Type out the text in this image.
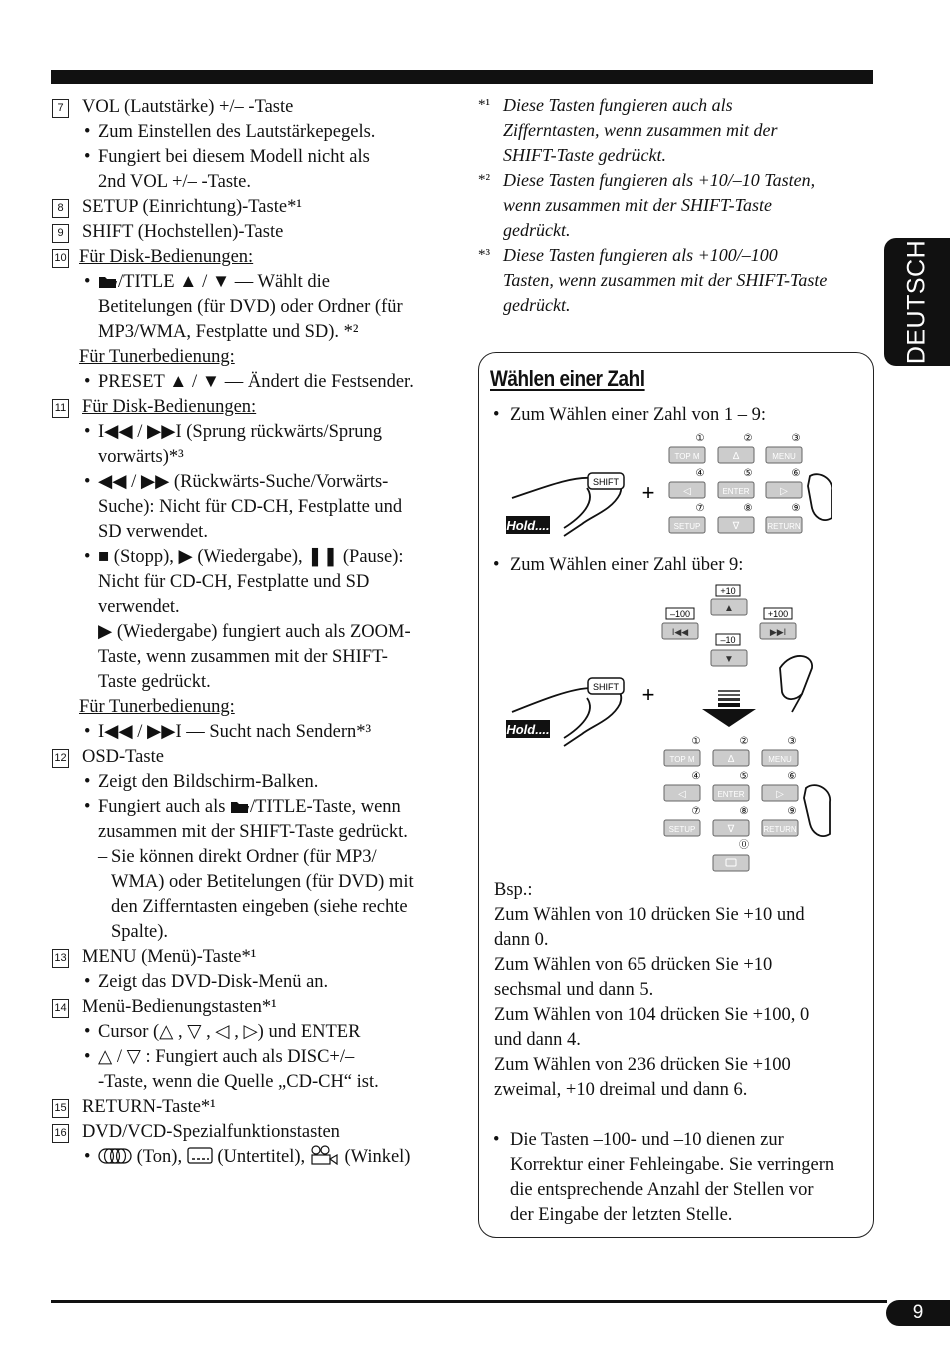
DEUTSCH
7 VOL (Lautstärke) +/– -Taste
• Zum Einstellen des Lautstärkepegels.
• Fungiert bei diesem Modell nicht als
2nd VOL +/– -Taste.
8 SETUP (Einrichtung)-Taste*¹
9 SHIFT (Hochstellen)-Taste
10 Für Disk-Bedienungen:
•	/TITLE ▲ / ▼ — Wählt die
Betitelungen (für DVD) oder Ordner (für
MP3/WMA, Festplatte und SD). *²
Für Tunerbedienung:
• PRESET ▲ / ▼ — Ändert die Festsender.
11 Für Disk-Bedienungen:
• I◀◀ / ▶▶I (Sprung rückwärts/Sprung
vorwärts)*³
• ◀◀ / ▶▶ (Rückwärts-Suche/Vorwärts-
Suche): Nicht für CD-CH, Festplatte und
SD verwendet.
• ■ (Stopp), ▶ (Wiedergabe), ❚❚ (Pause):
Nicht für CD-CH, Festplatte und SD
verwendet.
▶ (Wiedergabe) fungiert auch als ZOOM-
Taste, wenn zusammen mit der SHIFT-
Taste gedrückt.
Für Tunerbedienung:
• I◀◀ / ▶▶I — Sucht nach Sendern*³
12 OSD-Taste
• Zeigt den Bildschirm-Balken.
• Fungiert auch als /TITLE-Taste, wenn
zusammen mit der SHIFT-Taste gedrückt.
– Sie können direkt Ordner (für MP3/
WMA) oder Betitelungen (für DVD) mit
den Zifferntasten eingeben (siehe rechte
Spalte).
13 MENU (Menü)-Taste*¹
• Zeigt das DVD-Disk-Menü an.
14 Menü-Bedienungstasten*¹
• Cursor (△ , ▽ , ◁ , ▷) und ENTER
• △ / ▽ : Fungiert auch als DISC+/–
-Taste, wenn die Quelle „CD-CH“ ist.
15 RETURN-Taste*¹
16 DVD/VCD-Spezialfunktionstasten
•	(Ton), (Untertitel), (Winkel)
*¹ Diese Tasten fungieren auch als
Zifferntasten, wenn zusammen mit der
SHIFT-Taste gedrückt.
*² Diese Tasten fungieren als +10/–10 Tasten,
wenn zusammen mit der SHIFT-Taste
gedrückt.
*³ Diese Tasten fungieren als +100/–100
Tasten, wenn zusammen mit der SHIFT-Taste
gedrückt.
Wählen einer Zahl
• Zum Wählen einer Zahl von 1 – 9:
SHIFT
Hold....
+
①	②	③
TOP M	∆	MENU
④	⑤	⑥
◁	ENTER	▷
⑦	⑧	⑨
SETUP	∇	RETURN
• Zum Wählen einer Zahl über 9:
+10
▲
–100
I◀◀
+100
▶▶I
–10
▼
SHIFT
Hold....
+
①	②	③
TOP M	∆	MENU
④	⑤	⑥
◁	ENTER	▷
⑦	⑧	⑨
SETUP	∇	RETURN
⓪
Bsp.:
Zum Wählen von 10 drücken Sie +10 und
dann 0.
Zum Wählen von 65 drücken Sie +10
sechsmal und dann 5.
Zum Wählen von 104 drücken Sie +100, 0
und dann 4.
Zum Wählen von 236 drücken Sie +100
zweimal, +10 dreimal und dann 6.
• Die Tasten –100- und –10 dienen zur
Korrektur einer Fehleingabe. Sie verringern
die entsprechende Anzahl der Stellen vor
der Eingabe der letzten Stelle.
9
